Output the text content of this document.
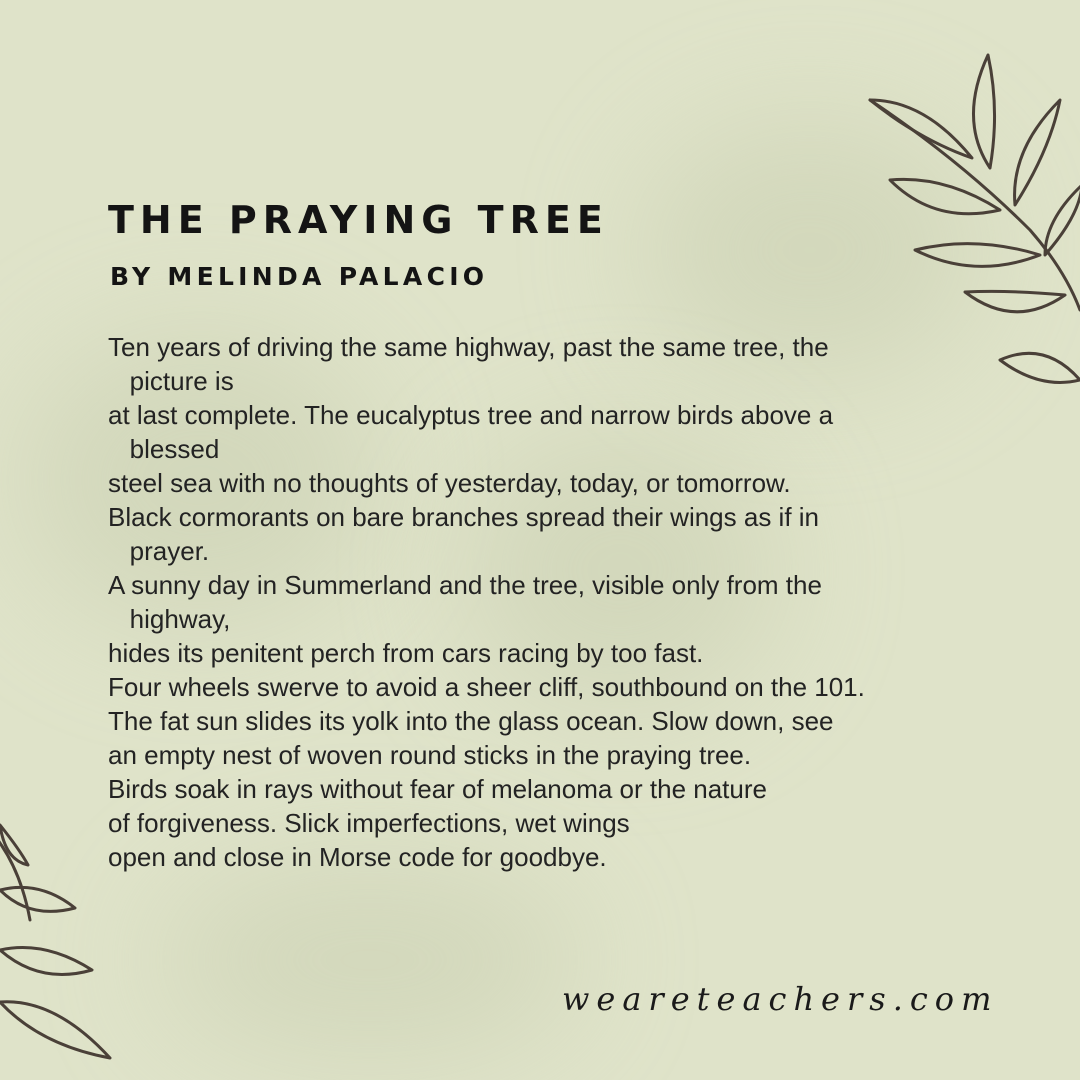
THE PRAYING TREE
BY MELINDA PALACIO
Ten years of driving the same highway, past the same tree, the
picture is
at last complete. The eucalyptus tree and narrow birds above a
blessed
steel sea with no thoughts of yesterday, today, or tomorrow.
Black cormorants on bare branches spread their wings as if in
prayer.
A sunny day in Summerland and the tree, visible only from the
highway,
hides its penitent perch from cars racing by too fast.
Four wheels swerve to avoid a sheer cliff, southbound on the 101.
The fat sun slides its yolk into the glass ocean. Slow down, see
an empty nest of woven round sticks in the praying tree.
Birds soak in rays without fear of melanoma or the nature
of forgiveness. Slick imperfections, wet wings
open and close in Morse code for goodbye.
weareteachers.com
